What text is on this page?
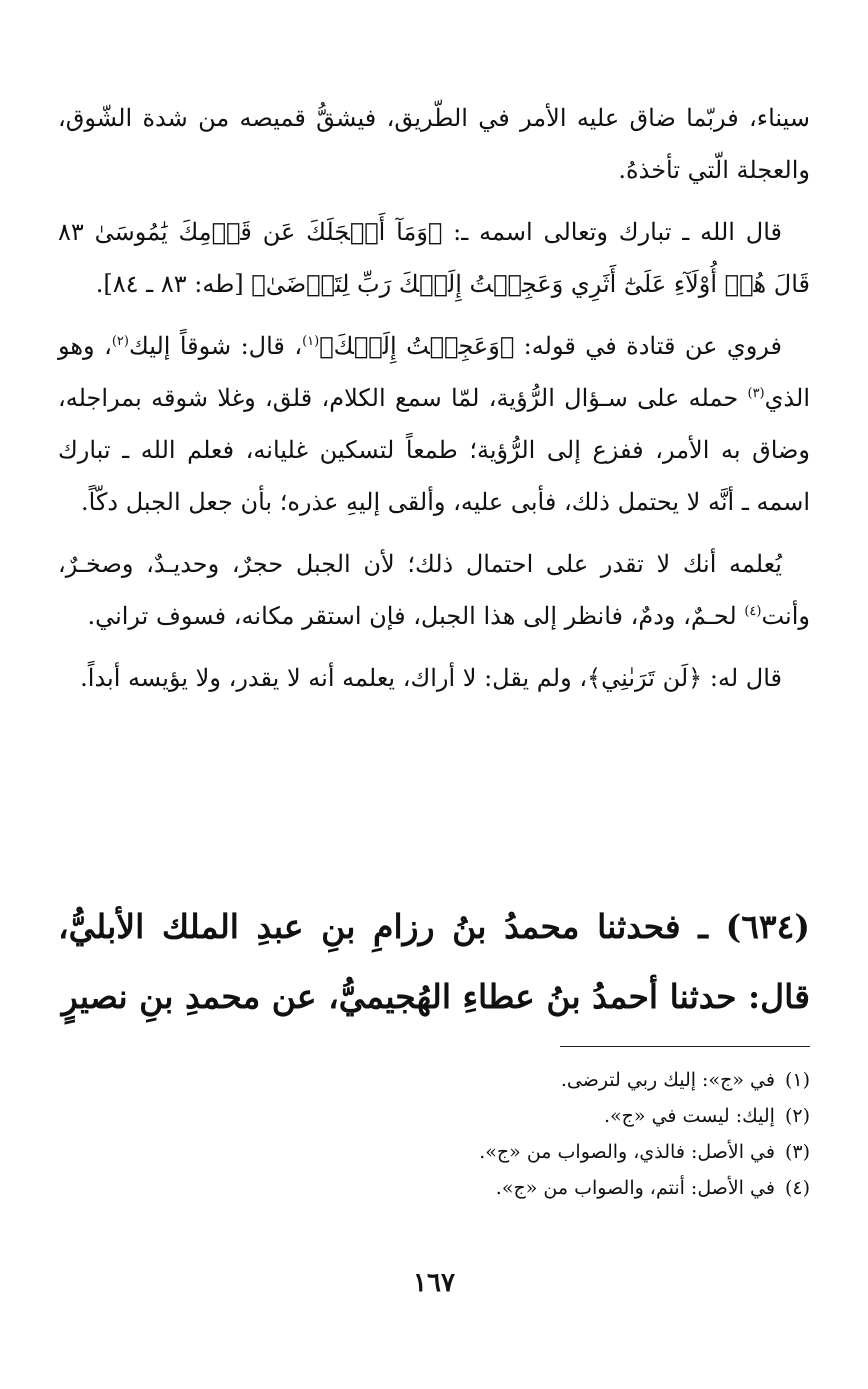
سيناء، فربّما ضاق عليه الأمر في الطّريق، فيشقُّ قميصه من شدة الشّوق، والعجلة الّتي تأخذهُ.

قال الله ـ تبارك وتعالى اسمه ـ: ﴿وَمَآ أَعۡجَلَكَ عَن قَوۡمِكَ يَٰمُوسَىٰ ٨٣ قَالَ هُمۡ أُوْلَآءِ عَلَىٰٓ أَثَرِي وَعَجِلۡتُ إِلَيۡكَ رَبِّ لِتَرۡضَىٰ﴾ [طه: ٨٣ ـ ٨٤].

فروي عن قتادة في قوله: ﴿وَعَجِلۡتُ إِلَيۡكَ﴾$^{(١)}$، قال: شوقاً إليك$^{(٢)}$، وهو الذي$^{(٣)}$ حمله على سـؤال الرُّؤية، لمّا سمع الكلام، قلق، وغلا شوقه بمراجله، وضاق به الأمر، ففزع إلى الرُّؤية؛ طمعاً لتسكين غليانه، فعلم الله ـ تبارك اسمه ـ أنَّه لا يحتمل ذلك، فأبى عليه، وألقى إليهِ عذره؛ بأن جعل الجبل دكّاً.

يُعلمه أنك لا تقدر على احتمال ذلك؛ لأن الجبل حجرٌ، وحديـدٌ، وصخـرٌ، وأنت$^{(٤)}$ لحـمٌ، ودمٌ، فانظر إلى هذا الجبل، فإن استقر مكانه، فسوف تراني.

قال له: ﴿لَن تَرَىٰنِي﴾، ولم يقل: لا أراك، يعلمه أنه لا يقدر، ولا يؤيسه أبداً.

(٦٣٤) ـ فحدثنا محمدُ بنُ رزامِ بنِ عبدِ الملك الأبليُّ، قال: حدثنا أحمدُ بنُ عطاءِ الهُجيميُّ، عن محمدِ بنِ نصيرٍ

(١)في «ج»: إليك ربي لترضى.
(٢)إليك: ليست في «ج».
(٣)في الأصل: فالذي، والصواب من «ج».
(٤)في الأصل: أنتم، والصواب من «ج».
١٦٧
